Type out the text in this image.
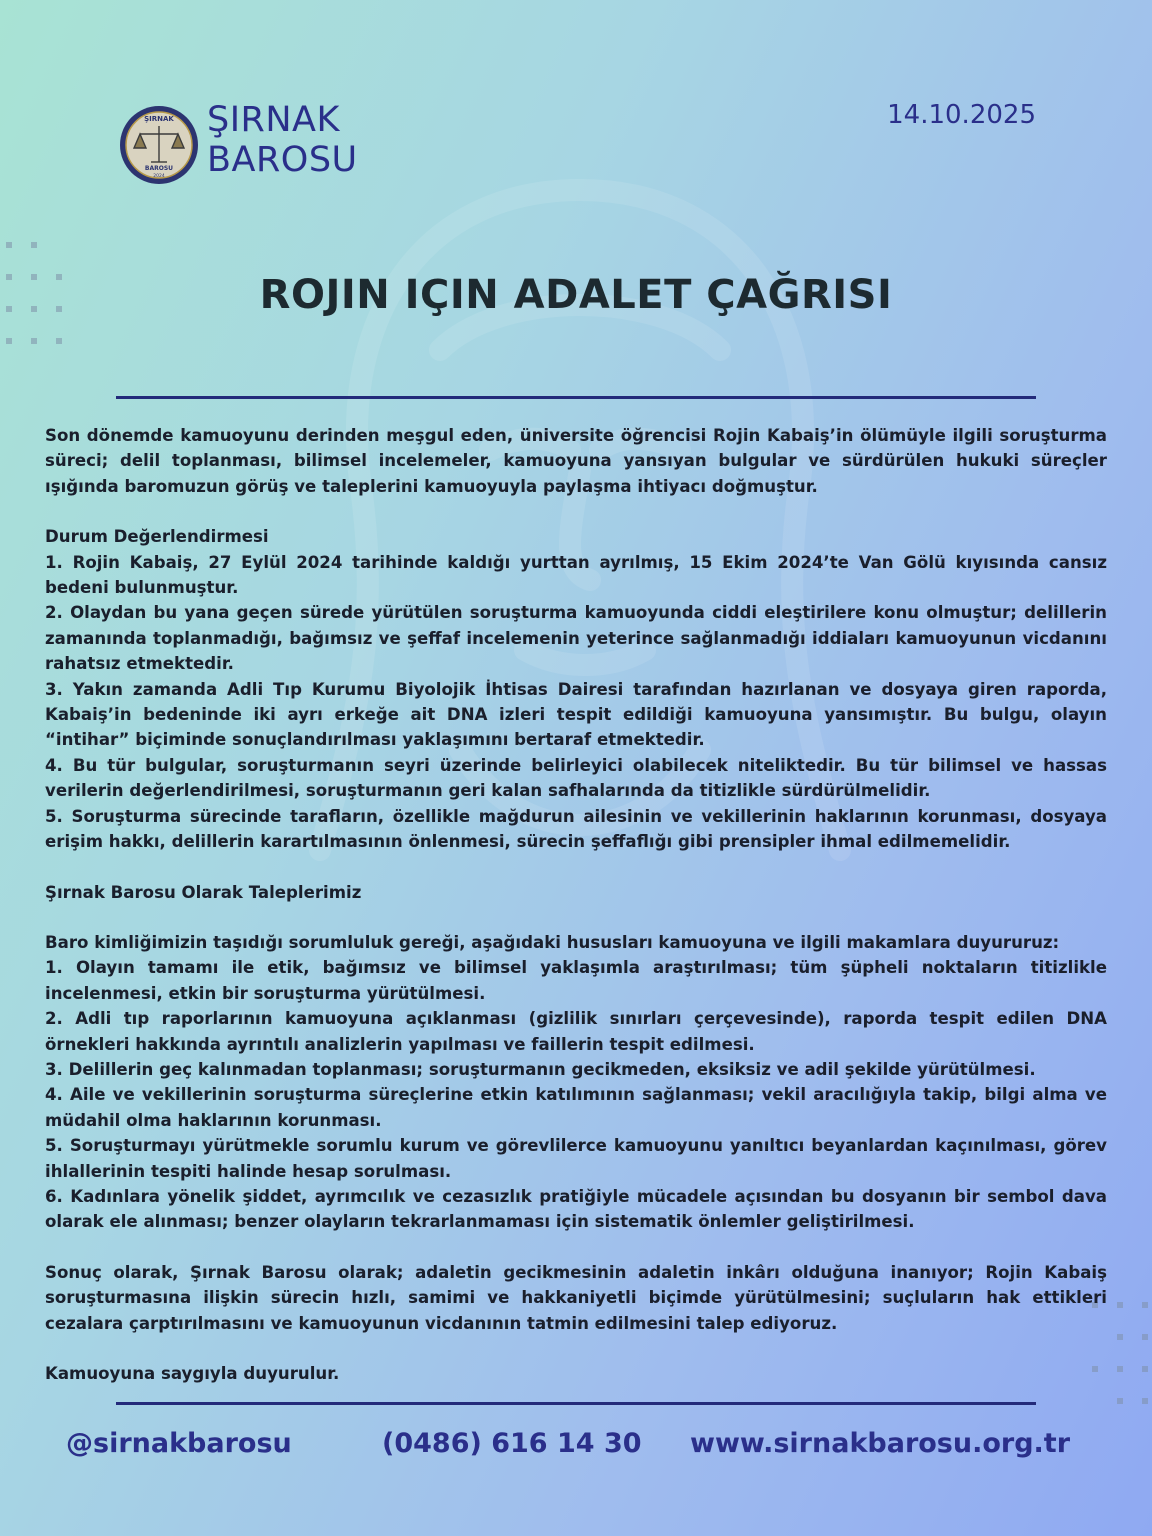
ŞIRNAK
BAROSU
2024
ŞIRNAK
BAROSU
14.10.2025
ROJIN IÇIN ADALET ÇAĞRISI

Son dönemde kamuoyunu derinden meşgul eden, üniversite öğrencisi Rojin Kabaiş’in ölümüyle ilgili soruşturma süreci; delil toplanması, bilimsel incelemeler, kamuoyuna yansıyan bulgular ve sürdürülen hukuki süreçler ışığında baromuzun görüş ve taleplerini kamuoyuyla paylaşma ihtiyacı doğmuştur.

Durum Değerlendirmesi

1. Rojin Kabaiş, 27 Eylül 2024 tarihinde kaldığı yurttan ayrılmış, 15 Ekim 2024’te Van Gölü kıyısında cansız bedeni bulunmuştur.

2. Olaydan bu yana geçen sürede yürütülen soruşturma kamuoyunda ciddi eleştirilere konu olmuştur; delillerin zamanında toplanmadığı, bağımsız ve şeffaf incelemenin yeterince sağlanmadığı iddiaları kamuoyunun vicdanını rahatsız etmektedir.

3. Yakın zamanda Adli Tıp Kurumu Biyolojik İhtisas Dairesi tarafından hazırlanan ve dosyaya giren raporda, Kabaiş’in bedeninde iki ayrı erkeğe ait DNA izleri tespit edildiği kamuoyuna yansımıştır. Bu bulgu, olayın “intihar” biçiminde sonuçlandırılması yaklaşımını bertaraf etmektedir.

4. Bu tür bulgular, soruşturmanın seyri üzerinde belirleyici olabilecek niteliktedir. Bu tür bilimsel ve hassas verilerin değerlendirilmesi, soruşturmanın geri kalan safhalarında da titizlikle sürdürülmelidir.

5. Soruşturma sürecinde tarafların, özellikle mağdurun ailesinin ve vekillerinin haklarının korunması, dosyaya erişim hakkı, delillerin karartılmasının önlenmesi, sürecin şeffaflığı gibi prensipler ihmal edilmemelidir.

Şırnak Barosu Olarak Taleplerimiz

Baro kimliğimizin taşıdığı sorumluluk gereği, aşağıdaki hususları kamuoyuna ve ilgili makamlara duyururuz:

1. Olayın tamamı ile etik, bağımsız ve bilimsel yaklaşımla araştırılması; tüm şüpheli noktaların titizlikle incelenmesi, etkin bir soruşturma yürütülmesi.

2. Adli tıp raporlarının kamuoyuna açıklanması (gizlilik sınırları çerçevesinde), raporda tespit edilen DNA örnekleri hakkında ayrıntılı analizlerin yapılması ve faillerin tespit edilmesi.

3. Delillerin geç kalınmadan toplanması; soruşturmanın gecikmeden, eksiksiz ve adil şekilde yürütülmesi.

4. Aile ve vekillerinin soruşturma süreçlerine etkin katılımının sağlanması; vekil aracılığıyla takip, bilgi alma ve müdahil olma haklarının korunması.

5. Soruşturmayı yürütmekle sorumlu kurum ve görevlilerce kamuoyunu yanıltıcı beyanlardan kaçınılması, görev ihlallerinin tespiti halinde hesap sorulması.

6. Kadınlara yönelik şiddet, ayrımcılık ve cezasızlık pratiğiyle mücadele açısından bu dosyanın bir sembol dava olarak ele alınması; benzer olayların tekrarlanmaması için sistematik önlemler geliştirilmesi.

Sonuç olarak, Şırnak Barosu olarak; adaletin gecikmesinin adaletin inkârı olduğuna inanıyor; Rojin Kabaiş soruşturmasına ilişkin sürecin hızlı, samimi ve hakkaniyetli biçimde yürütülmesini; suçluların hak ettikleri cezalara çarptırılmasını ve kamuoyunun vicdanının tatmin edilmesini talep ediyoruz.

Kamuoyuna saygıyla duyurulur.

@sirnakbarosu	(0486) 616 14 30 www.sirnakbarosu.org.tr
